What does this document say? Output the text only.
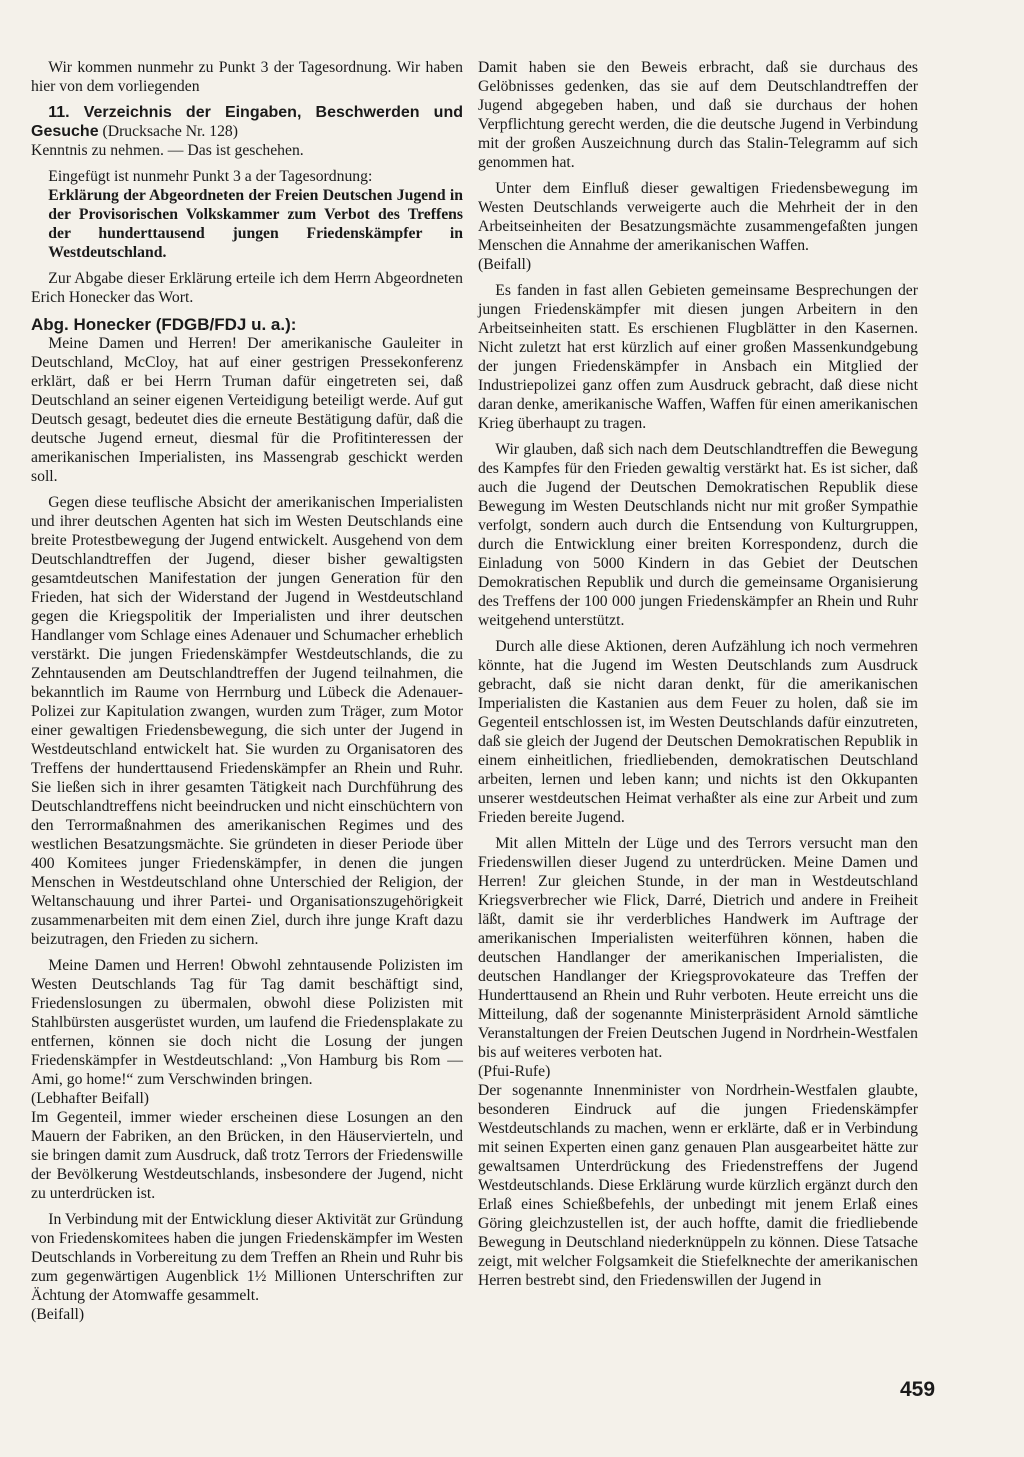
Wir kommen nunmehr zu Punkt 3 der Tagesordnung. Wir haben hier von dem vorliegenden

11. Verzeichnis der Eingaben, Beschwerden und Gesuche (Drucksache Nr. 128)

Kenntnis zu nehmen. — Das ist geschehen.

Eingefügt ist nunmehr Punkt 3 a der Tagesordnung:

Erklärung der Abgeordneten der Freien Deutschen Jugend in der Provisorischen Volkskammer zum Verbot des Treffens der hunderttausend jungen Friedenskämpfer in Westdeutschland.

Zur Abgabe dieser Erklärung erteile ich dem Herrn Abgeordneten Erich Honecker das Wort.

Abg. Honecker (FDGB/FDJ u. a.):

Meine Damen und Herren! Der amerikanische Gauleiter in Deutschland, McCloy, hat auf einer gestrigen Pressekonferenz erklärt, daß er bei Herrn Truman dafür eingetreten sei, daß Deutschland an seiner eigenen Verteidigung beteiligt werde. Auf gut Deutsch gesagt, bedeutet dies die erneute Bestätigung dafür, daß die deutsche Jugend erneut, diesmal für die Profitinteressen der amerikanischen Imperialisten, ins Massengrab geschickt werden soll.

Gegen diese teuflische Absicht der amerikanischen Imperialisten und ihrer deutschen Agenten hat sich im Westen Deutschlands eine breite Protestbewegung der Jugend entwickelt. Ausgehend von dem Deutschlandtreffen der Jugend, dieser bisher gewaltigsten gesamtdeutschen Manifestation der jungen Generation für den Frieden, hat sich der Widerstand der Jugend in Westdeutschland gegen die Kriegspolitik der Imperialisten und ihrer deutschen Handlanger vom Schlage eines Adenauer und Schumacher erheblich verstärkt. Die jungen Friedenskämpfer Westdeutschlands, die zu Zehntausenden am Deutschlandtreffen der Jugend teilnahmen, die bekanntlich im Raume von Herrnburg und Lübeck die Adenauer-Polizei zur Kapitulation zwangen, wurden zum Träger, zum Motor einer gewaltigen Friedensbewegung, die sich unter der Jugend in Westdeutschland entwickelt hat. Sie wurden zu Organisatoren des Treffens der hunderttausend Friedenskämpfer an Rhein und Ruhr. Sie ließen sich in ihrer gesamten Tätigkeit nach Durchführung des Deutschlandtreffens nicht beeindrucken und nicht einschüchtern von den Terrormaßnahmen des amerikanischen Regimes und des westlichen Besatzungsmächte. Sie gründeten in dieser Periode über 400 Komitees junger Friedenskämpfer, in denen die jungen Menschen in Westdeutschland ohne Unterschied der Religion, der Weltanschauung und ihrer Partei- und Organisationszugehörigkeit zusammenarbeiten mit dem einen Ziel, durch ihre junge Kraft dazu beizutragen, den Frieden zu sichern.

Meine Damen und Herren! Obwohl zehntausende Polizisten im Westen Deutschlands Tag für Tag damit beschäftigt sind, Friedenslosungen zu übermalen, obwohl diese Polizisten mit Stahlbürsten ausgerüstet wurden, um laufend die Friedensplakate zu entfernen, können sie doch nicht die Losung der jungen Friedenskämpfer in Westdeutschland: „Von Hamburg bis Rom — Ami, go home!“ zum Verschwinden bringen.

(Lebhafter Beifall)

Im Gegenteil, immer wieder erscheinen diese Losungen an den Mauern der Fabriken, an den Brücken, in den Häuservierteln, und sie bringen damit zum Ausdruck, daß trotz Terrors der Friedenswille der Bevölkerung Westdeutschlands, insbesondere der Jugend, nicht zu unterdrücken ist.

In Verbindung mit der Entwicklung dieser Aktivität zur Gründung von Friedenskomitees haben die jungen Friedenskämpfer im Westen Deutschlands in Vorbereitung zu dem Treffen an Rhein und Ruhr bis zum gegenwärtigen Augenblick 1½ Millionen Unterschriften zur Ächtung der Atomwaffe gesammelt.

(Beifall)

Damit haben sie den Beweis erbracht, daß sie durchaus des Gelöbnisses gedenken, das sie auf dem Deutschlandtreffen der Jugend abgegeben haben, und daß sie durchaus der hohen Verpflichtung gerecht werden, die die deutsche Jugend in Verbindung mit der großen Auszeichnung durch das Stalin-Telegramm auf sich genommen hat.

Unter dem Einfluß dieser gewaltigen Friedensbewegung im Westen Deutschlands verweigerte auch die Mehrheit der in den Arbeitseinheiten der Besatzungsmächte zusammengefaßten jungen Menschen die Annahme der amerikanischen Waffen.

(Beifall)

Es fanden in fast allen Gebieten gemeinsame Besprechungen der jungen Friedenskämpfer mit diesen jungen Arbeitern in den Arbeitseinheiten statt. Es erschienen Flugblätter in den Kasernen. Nicht zuletzt hat erst kürzlich auf einer großen Massenkundgebung der jungen Friedenskämpfer in Ansbach ein Mitglied der Industriepolizei ganz offen zum Ausdruck gebracht, daß diese nicht daran denke, amerikanische Waffen, Waffen für einen amerikanischen Krieg überhaupt zu tragen.

Wir glauben, daß sich nach dem Deutschlandtreffen die Bewegung des Kampfes für den Frieden gewaltig verstärkt hat. Es ist sicher, daß auch die Jugend der Deutschen Demokratischen Republik diese Bewegung im Westen Deutschlands nicht nur mit großer Sympathie verfolgt, sondern auch durch die Entsendung von Kulturgruppen, durch die Entwicklung einer breiten Korrespondenz, durch die Einladung von 5000 Kindern in das Gebiet der Deutschen Demokratischen Republik und durch die gemeinsame Organisierung des Treffens der 100 000 jungen Friedenskämpfer an Rhein und Ruhr weitgehend unterstützt.

Durch alle diese Aktionen, deren Aufzählung ich noch vermehren könnte, hat die Jugend im Westen Deutschlands zum Ausdruck gebracht, daß sie nicht daran denkt, für die amerikanischen Imperialisten die Kastanien aus dem Feuer zu holen, daß sie im Gegenteil entschlossen ist, im Westen Deutschlands dafür einzutreten, daß sie gleich der Jugend der Deutschen Demokratischen Republik in einem einheitlichen, friedliebenden, demokratischen Deutschland arbeiten, lernen und leben kann; und nichts ist den Okkupanten unserer westdeutschen Heimat verhaßter als eine zur Arbeit und zum Frieden bereite Jugend.

Mit allen Mitteln der Lüge und des Terrors versucht man den Friedenswillen dieser Jugend zu unterdrücken. Meine Damen und Herren! Zur gleichen Stunde, in der man in Westdeutschland Kriegsverbrecher wie Flick, Darré, Dietrich und andere in Freiheit läßt, damit sie ihr verderbliches Handwerk im Auftrage der amerikanischen Imperialisten weiterführen können, haben die deutschen Handlanger der amerikanischen Imperialisten, die deutschen Handlanger der Kriegsprovokateure das Treffen der Hunderttausend an Rhein und Ruhr verboten. Heute erreicht uns die Mitteilung, daß der sogenannte Ministerpräsident Arnold sämtliche Veranstaltungen der Freien Deutschen Jugend in Nordrhein-Westfalen bis auf weiteres verboten hat.

(Pfui-Rufe)

Der sogenannte Innenminister von Nordrhein-Westfalen glaubte, besonderen Eindruck auf die jungen Friedenskämpfer Westdeutschlands zu machen, wenn er erklärte, daß er in Verbindung mit seinen Experten einen ganz genauen Plan ausgearbeitet hätte zur gewaltsamen Unterdrückung des Friedenstreffens der Jugend Westdeutschlands. Diese Erklärung wurde kürzlich ergänzt durch den Erlaß eines Schießbefehls, der unbedingt mit jenem Erlaß eines Göring gleichzustellen ist, der auch hoffte, damit die friedliebende Bewegung in Deutschland niederknüppeln zu können. Diese Tatsache zeigt, mit welcher Folgsamkeit die Stiefelknechte der amerikanischen Herren bestrebt sind, den Friedenswillen der Jugend in

459
